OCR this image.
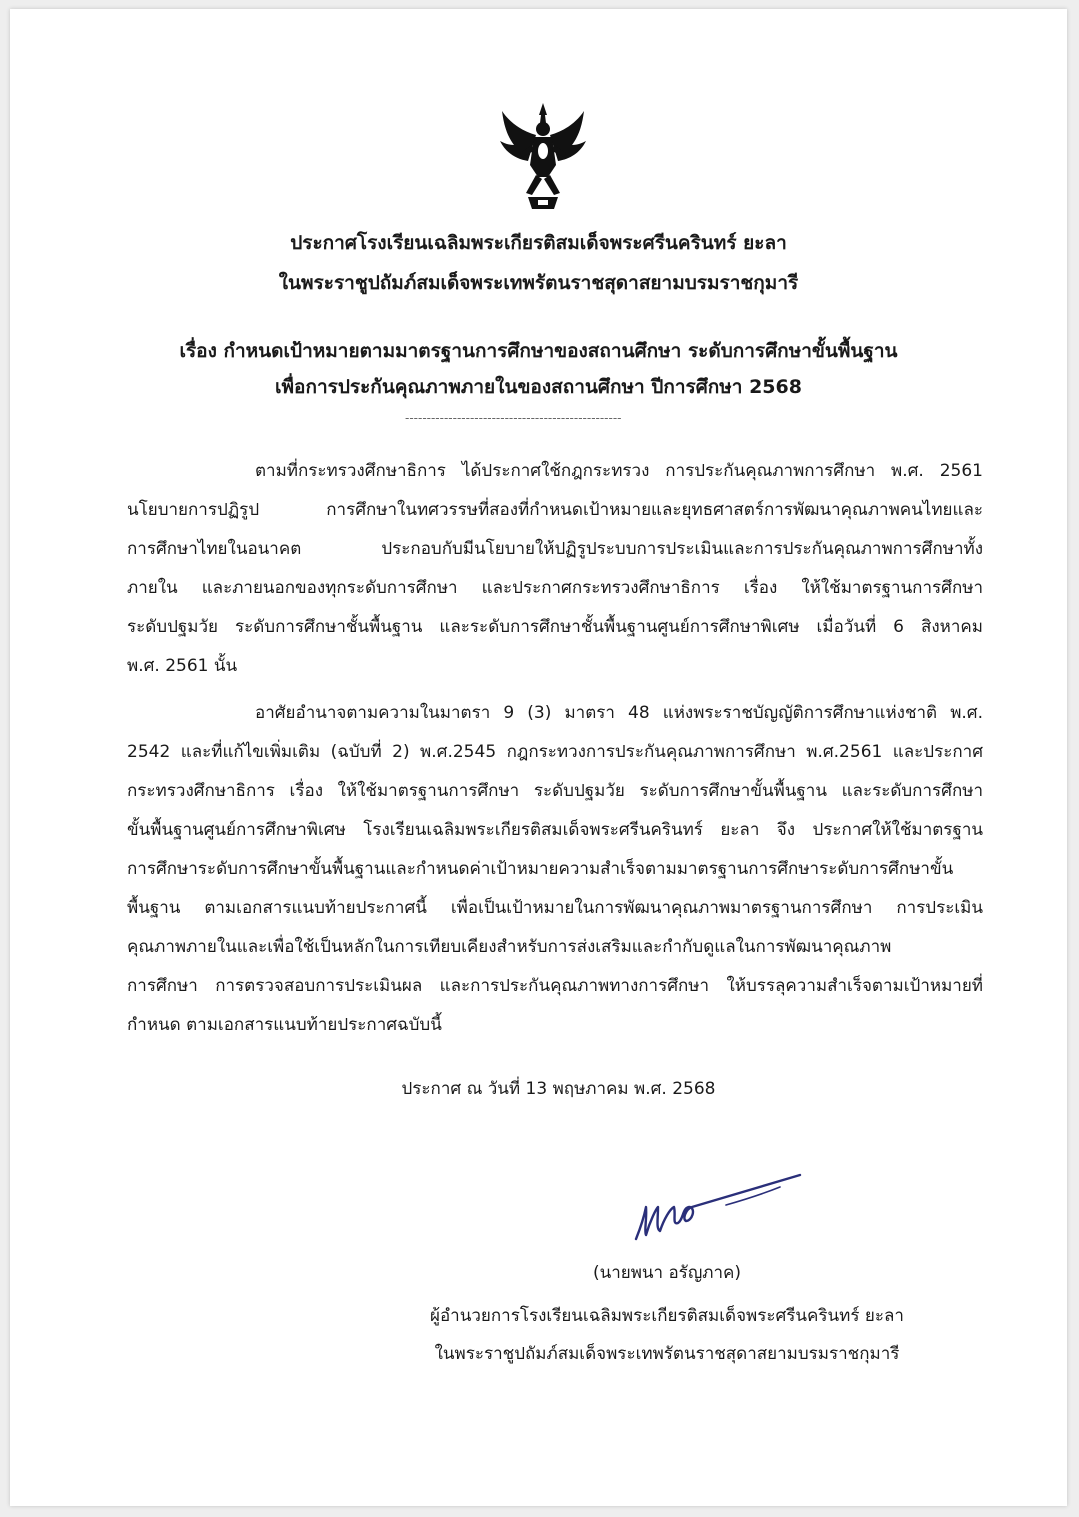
ประกาศโรงเรียนเฉลิมพระเกียรติสมเด็จพระศรีนครินทร์ ยะลา
ในพระราชูปถัมภ์สมเด็จพระเทพรัตนราชสุดาสยามบรมราชกุมารี
เรื่อง กำหนดเป้าหมายตามมาตรฐานการศึกษาของสถานศึกษา ระดับการศึกษาขั้นพื้นฐาน
เพื่อการประกันคุณภาพภายในของสถานศึกษา ปีการศึกษา 2568
ตามที่กระทรวงศึกษาธิการ ได้ประกาศใช้กฎกระทรวง การประกันคุณภาพการศึกษา พ.ศ. 2561
นโยบายการปฏิรูป การศึกษาในทศวรรษที่สองที่กำหนดเป้าหมายและยุทธศาสตร์การพัฒนาคุณภาพคนไทยและ
การศึกษาไทยในอนาคต ประกอบกับมีนโยบายให้ปฏิรูประบบการประเมินและการประกันคุณภาพการศึกษาทั้ง
ภายใน และภายนอกของทุกระดับการศึกษา และประกาศกระทรวงศึกษาธิการ เรื่อง ให้ใช้มาตรฐานการศึกษา
ระดับปฐมวัย ระดับการศึกษาชั้นพื้นฐาน และระดับการศึกษาชั้นพื้นฐานศูนย์การศึกษาพิเศษ เมื่อวันที่ 6 สิงหาคม
พ.ศ. 2561 นั้น
อาศัยอำนาจตามความในมาตรา 9 (3) มาตรา 48 แห่งพระราชบัญญัติการศึกษาแห่งชาติ พ.ศ.
2542 และที่แก้ไขเพิ่มเติม (ฉบับที่ 2) พ.ศ.2545 กฎกระทวงการประกันคุณภาพการศึกษา พ.ศ.2561 และประกาศ
กระทรวงศึกษาธิการ เรื่อง ให้ใช้มาตรฐานการศึกษา ระดับปฐมวัย ระดับการศึกษาขั้นพื้นฐาน และระดับการศึกษา
ขั้นพื้นฐานศูนย์การศึกษาพิเศษ โรงเรียนเฉลิมพระเกียรติสมเด็จพระศรีนครินทร์ ยะลา จึง ประกาศให้ใช้มาตรฐาน
การศึกษาระดับการศึกษาขั้นพื้นฐานและกำหนดค่าเป้าหมายความสำเร็จตามมาตรฐานการศึกษาระดับการศึกษาขั้น
พื้นฐาน ตามเอกสารแนบท้ายประกาศนี้ เพื่อเป็นเป้าหมายในการพัฒนาคุณภาพมาตรฐานการศึกษา การประเมิน
คุณภาพภายในและเพื่อใช้เป็นหลักในการเทียบเคียงสำหรับการส่งเสริมและกำกับดูแลในการพัฒนาคุณภาพ
การศึกษา การตรวจสอบการประเมินผล และการประกันคุณภาพทางการศึกษา ให้บรรลุความสำเร็จตามเป้าหมายที่
กำหนด ตามเอกสารแนบท้ายประกาศฉบับนี้
ประกาศ ณ วันที่ 13 พฤษภาคม พ.ศ. 2568
(นายพนา อรัญภาค)
ผู้อำนวยการโรงเรียนเฉลิมพระเกียรติสมเด็จพระศรีนครินทร์ ยะลา
ในพระราชูปถัมภ์สมเด็จพระเทพรัตนราชสุดาสยามบรมราชกุมารี
--------------------------------------------------
